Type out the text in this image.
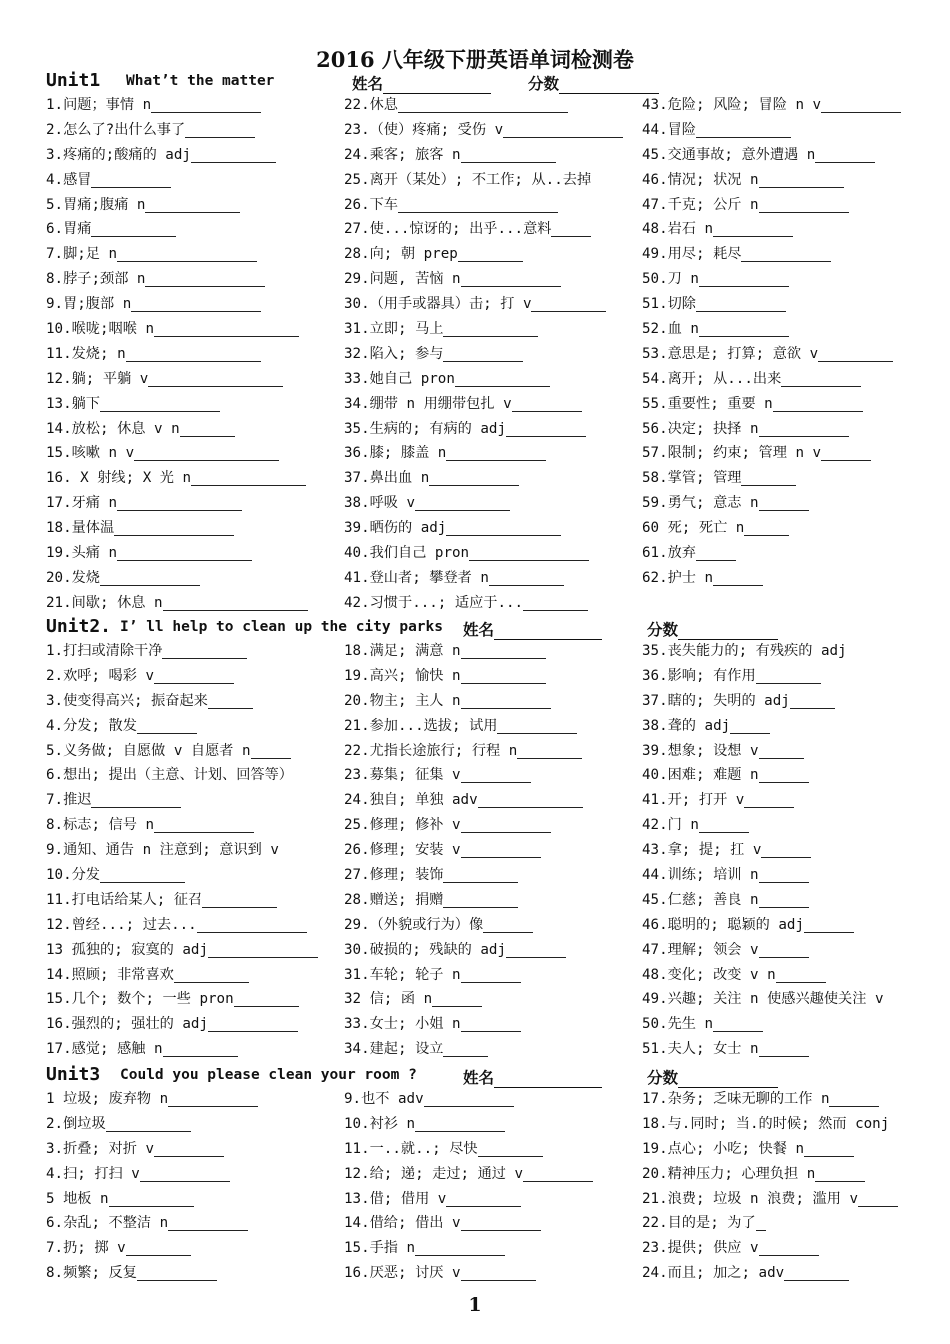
2016 八年级下册英语单词检测卷
Unit1 What’t the matter	姓名	分数
1.问题；事情 n
2.怎么了?出什么事了
3.疼痛的;酸痛的 adj
4.感冒
5.胃痛;腹痛 n
6.胃痛
7.脚;足 n
8.脖子;颈部 n
9.胃;腹部 n
10.喉咙;咽喉 n
11.发烧; n
12.躺; 平躺 v
13.躺下
14.放松; 休息 v n
15.咳嗽 n v
16. X 射线; X 光 n
17.牙痛 n
18.量体温
19.头痛 n
20.发烧
21.间歇; 休息 n
22.休息
23.（使）疼痛; 受伤 v
24.乘客; 旅客 n
25.离开（某处）; 不工作; 从..去掉
26.下车
27.使...惊讶的; 出乎...意料
28.向; 朝 prep
29.问题, 苦恼 n
30.（用手或器具）击; 打 v
31.立即; 马上
32.陷入; 参与
33.她自己 pron
34.绷带 n 用绷带包扎 v
35.生病的; 有病的 adj
36.膝; 膝盖 n
37.鼻出血 n
38.呼吸 v
39.晒伤的 adj
40.我们自己 pron
41.登山者; 攀登者 n
42.习惯于...; 适应于...
43.危险; 风险; 冒险 n v
44.冒险
45.交通事故; 意外遭遇 n
46.情况; 状况 n
47.千克; 公斤 n
48.岩石 n
49.用尽; 耗尽
50.刀 n
51.切除
52.血 n
53.意思是; 打算; 意欲 v
54.离开; 从...出来
55.重要性; 重要 n
56.决定; 抉择 n
57.限制; 约束; 管理 n v
58.掌管; 管理
59.勇气; 意志 n
60 死; 死亡 n
61.放弃
62.护士 n
Unit2. I’ ll help to clean up the city parks 姓名	分数
1.打扫或清除干净
2.欢呼; 喝彩 v
3.使变得高兴; 振奋起来
4.分发; 散发
5.义务做; 自愿做 v 自愿者 n
6.想出; 提出（主意、计划、回答等）
7.推迟
8.标志; 信号 n
9.通知、通告 n 注意到; 意识到 v
10.分发
11.打电话给某人; 征召
12.曾经...; 过去...
13 孤独的; 寂寞的 adj
14.照顾; 非常喜欢
15.几个; 数个; 一些 pron
16.强烈的; 强壮的 adj
17.感觉; 感触 n
18.满足; 满意 n
19.高兴; 愉快 n
20.物主; 主人 n
21.参加...选拔; 试用
22.尤指长途旅行; 行程 n
23.募集; 征集 v
24.独自; 单独 adv
25.修理; 修补 v
26.修理; 安装 v
27.修理; 装饰
28.赠送; 捐赠
29.（外貌或行为）像
30.破损的; 残缺的 adj
31.车轮; 轮子 n
32 信; 函 n
33.女士; 小姐 n
34.建起; 设立
35.丧失能力的; 有残疾的 adj
36.影响; 有作用
37.瞎的; 失明的 adj
38.聋的 adj
39.想象; 设想 v
40.困难; 难题 n
41.开; 打开 v
42.门 n
43.拿; 提; 扛 v
44.训练; 培训 n
45.仁慈; 善良 n
46.聪明的; 聪颖的 adj
47.理解; 领会 v
48.变化; 改变 v n
49.兴趣; 关注 n 使感兴趣使关注 v
50.先生 n
51.夫人; 女士 n
Unit3 Could you please clean your room ?	姓名	分数
1 垃圾; 废弃物 n
2.倒垃圾
3.折叠; 对折 v
4.扫; 打扫 v
5 地板 n
6.杂乱; 不整洁 n
7.扔; 掷 v
8.频繁; 反复
9.也不 adv
10.衬衫 n
11.一..就..; 尽快
12.给; 递; 走过; 通过 v
13.借; 借用 v
14.借给; 借出 v
15.手指 n
16.厌恶; 讨厌 v
17.杂务; 乏味无聊的工作 n
18.与.同时; 当.的时候; 然而 conj
19.点心; 小吃; 快餐 n
20.精神压力; 心理负担 n
21.浪费; 垃圾 n 浪费; 滥用 v
22.目的是; 为了
23.提供; 供应 v
24.而且; 加之; adv
1
